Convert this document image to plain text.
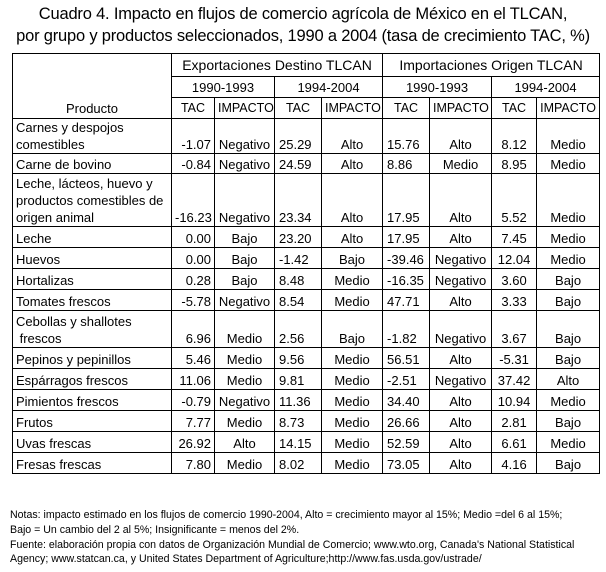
Cuadro 4. Impacto en flujos de comercio agrícola de México en el TLCAN,
por grupo y productos seleccionados, 1990 a 2004 (tasa de crecimiento TAC, %)
Producto	Exportaciones Destino TLCAN				Importaciones Origen TLCAN			
	1990-1993		1994-2004		1990-1993		1994-2004	
	TAC	IMPACTO	TAC	IMPACTO	TAC	IMPACTO	TAC	IMPACTO

Carnes y despojos
comestibles	-1.07	Negativo	25.29	Alto	15.76	Alto	8.12	Medio

Carne de bovino	-0.84	Negativo	24.59	Alto	8.86	Medio	8.95	Medio

Leche, lácteos, huevo y
productos comestibles de
origen animal	-16.23	Negativo	23.34	Alto	17.95	Alto	5.52	Medio

Leche	0.00	Bajo	23.20	Alto	17.95	Alto	7.45	Medio

Huevos	0.00	Bajo	-1.42	Bajo	-39.46	Negativo	12.04	Medio

Hortalizas	0.28	Bajo	8.48	Medio	-16.35	Negativo	3.60	Bajo

Tomates frescos	-5.78	Negativo	8.54	Medio	47.71	Alto	3.33	Bajo

Cebollas y shallotes
frescos	6.96	Medio	2.56	Bajo	-1.82	Negativo	3.67	Bajo

Pepinos y pepinillos	5.46	Medio	9.56	Medio	56.51	Alto	-5.31	Bajo

Espárragos frescos	11.06	Medio	9.81	Medio	-2.51	Negativo	37.42	Alto

Pimientos frescos	-0.79	Negativo	11.36	Medio	34.40	Alto	10.94	Medio

Frutos	7.77	Medio	8.73	Medio	26.66	Alto	2.81	Bajo

Uvas frescas	26.92	Alto	14.15	Medio	52.59	Alto	6.61	Medio

Fresas frescas	7.80	Medio	8.02	Medio	73.05	Alto	4.16	Bajo
Notas: impacto estimado en los flujos de comercio 1990-2004, Alto = crecimiento mayor al 15%; Medio =del 6 al 15%;
Bajo = Un cambio del 2 al 5%; Insignificante = menos del 2%.
Fuente: elaboración propia con datos de Organización Mundial de Comercio; www.wto.org, Canada's National Statistical
Agency; www.statcan.ca, y United States Department of Agriculture;http://www.fas.usda.gov/ustrade/
